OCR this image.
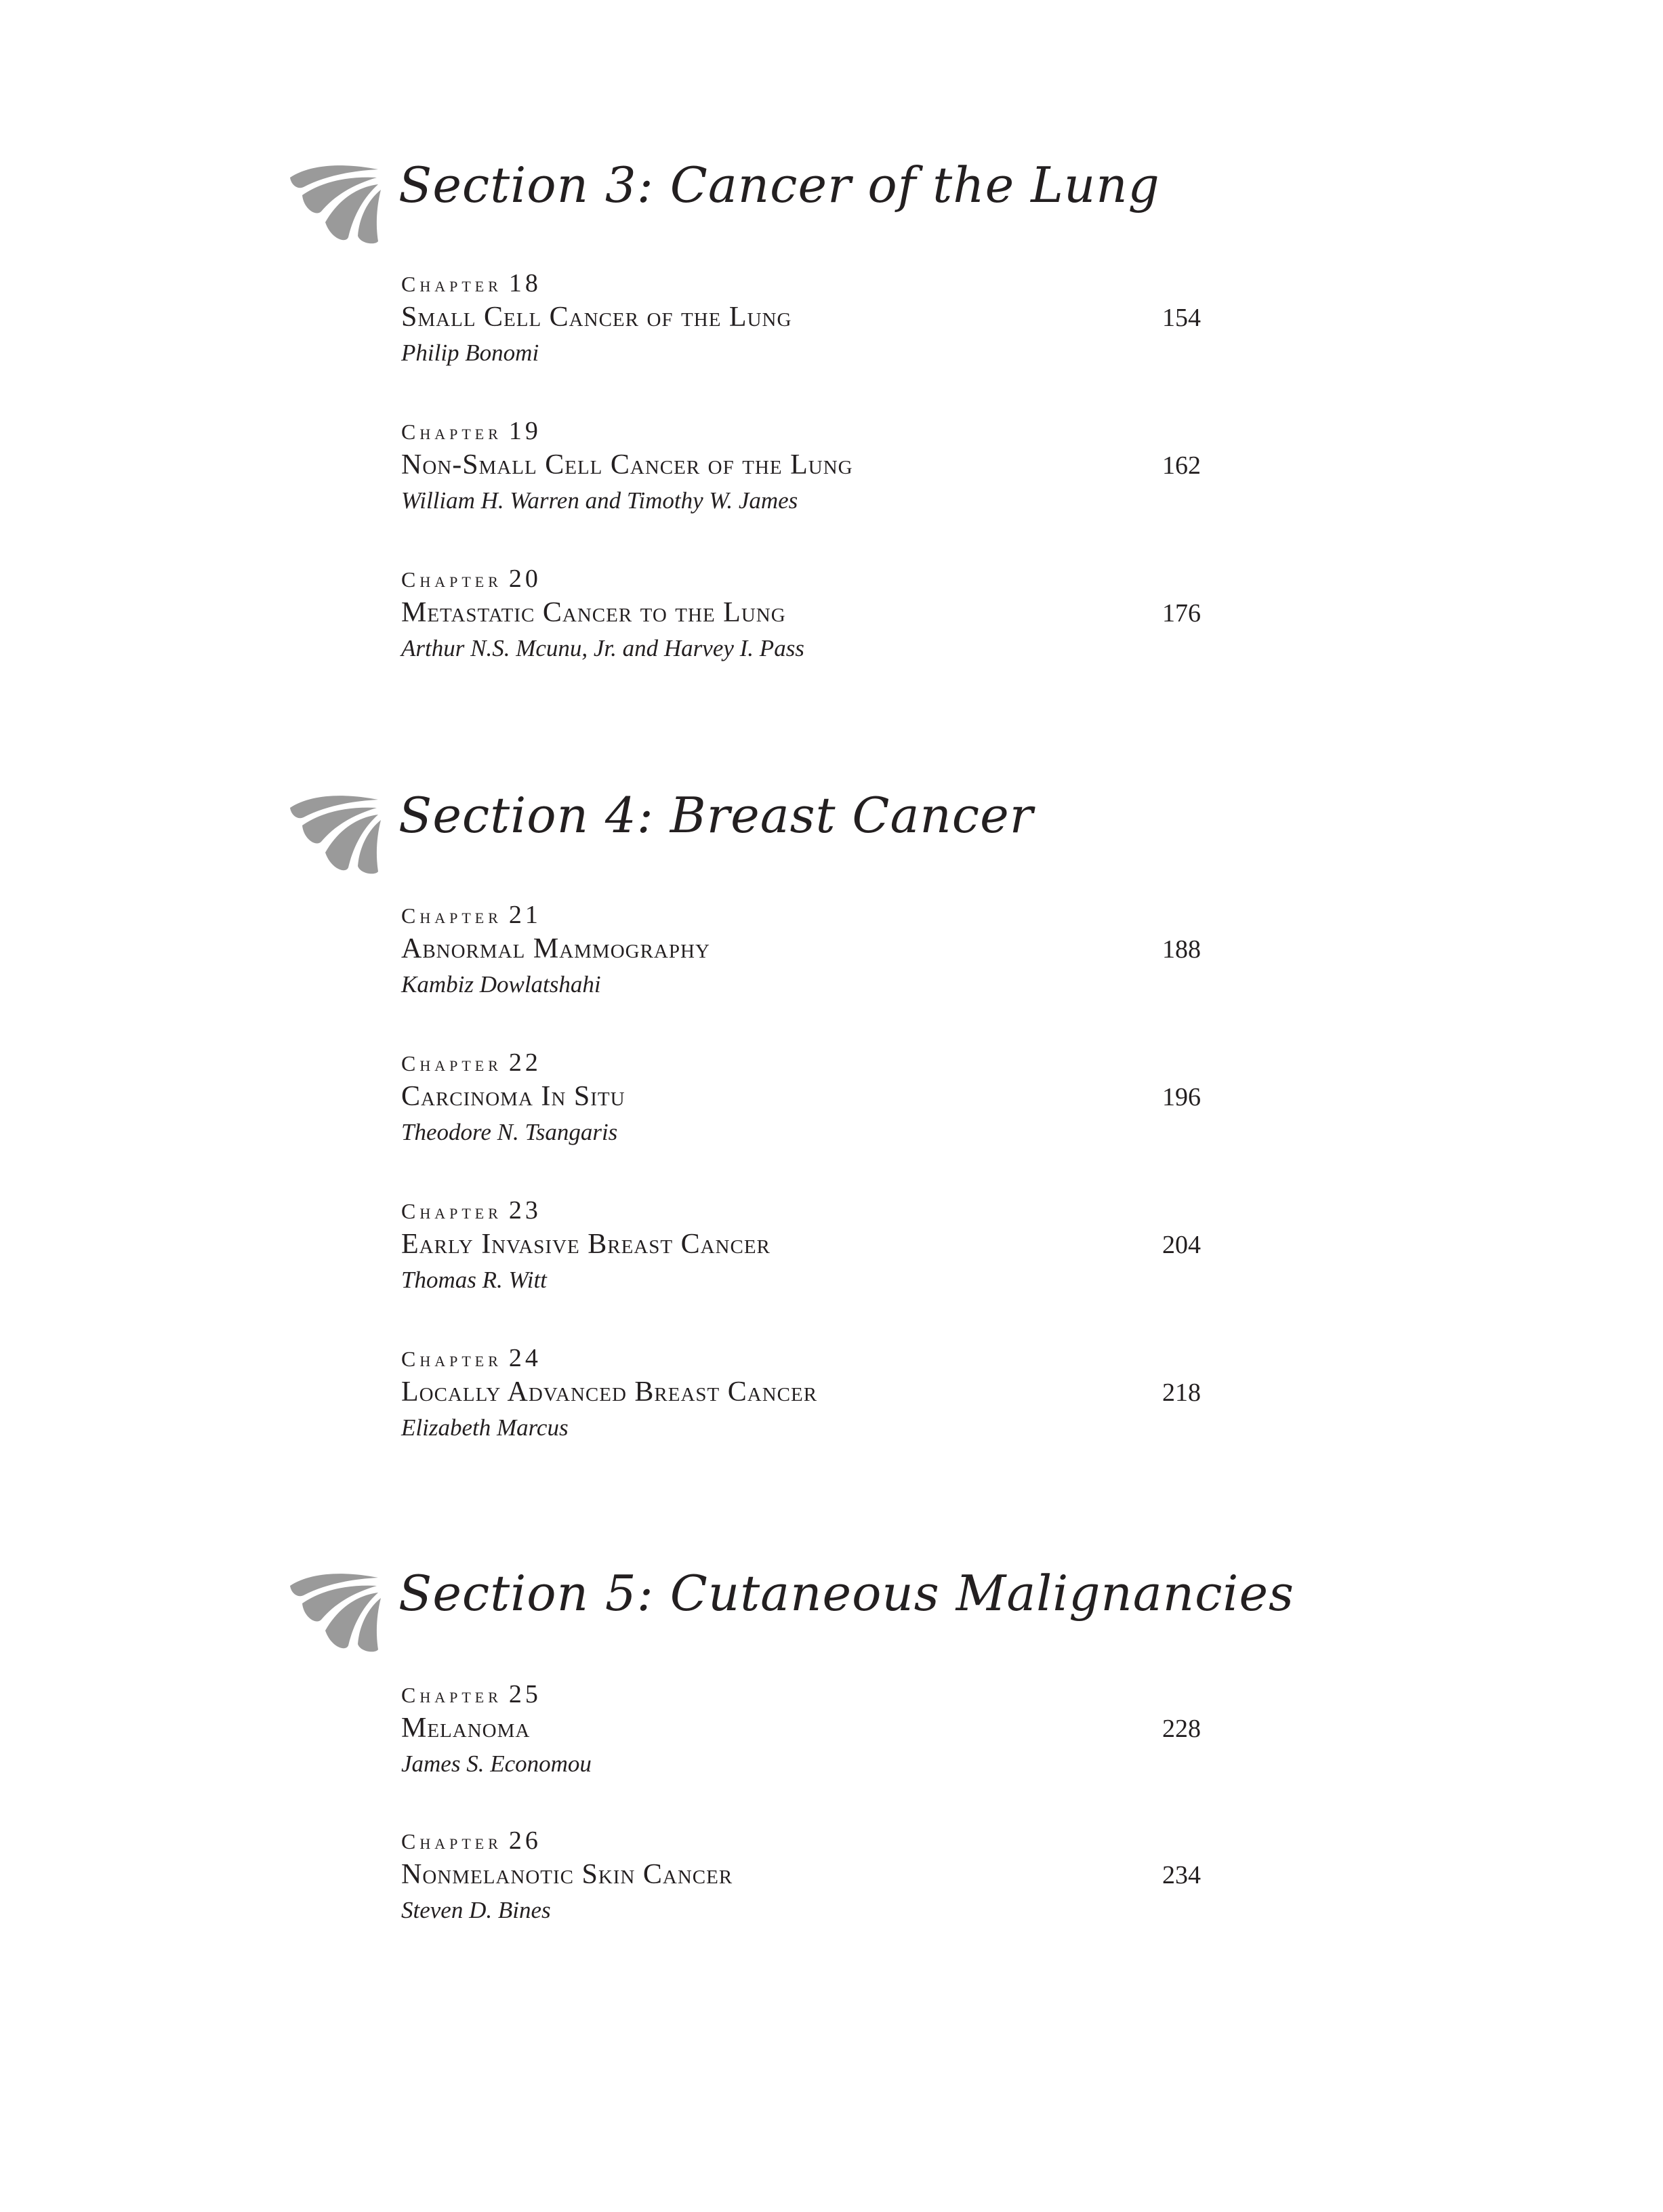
Section 3: Cancer of the Lung
Chapter 18
Small Cell Cancer of the Lung	154
Philip Bonomi
Chapter 19
Non-Small Cell Cancer of the Lung	162
William H. Warren and Timothy W. James
Chapter 20
Metastatic Cancer to the Lung	176
Arthur N.S. Mcunu, Jr. and Harvey I. Pass
Section 4: Breast Cancer
Chapter 21
Abnormal Mammography	188
Kambiz Dowlatshahi
Chapter 22
Carcinoma In Situ	196
Theodore N. Tsangaris
Chapter 23
Early Invasive Breast Cancer	204
Thomas R. Witt
Chapter 24
Locally Advanced Breast Cancer	218
Elizabeth Marcus
Section 5: Cutaneous Malignancies
Chapter 25
Melanoma	228
James S. Economou
Chapter 26
Nonmelanotic Skin Cancer	234
Steven D. Bines
